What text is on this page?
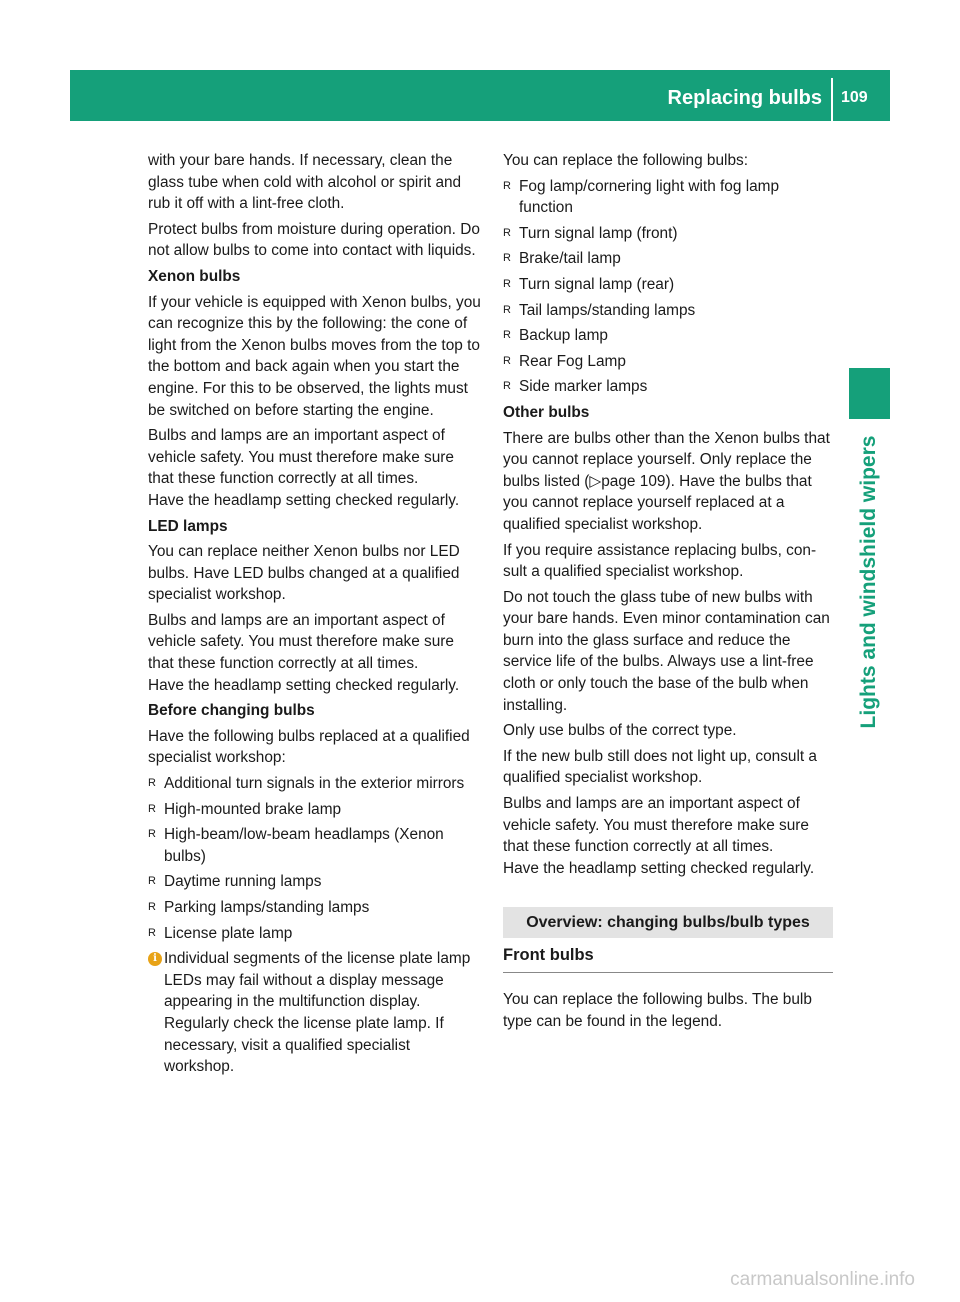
Replacing bulbs 109
Lights and windshield wipers

with your bare hands. If necessary, clean the glass tube when cold with alcohol or spirit and rub it off with a lint-free cloth.

Protect bulbs from moisture during operation. Do not allow bulbs to come into contact with liquids.

Xenon bulbs

If your vehicle is equipped with Xenon bulbs, you can recognize this by the following: the cone of light from the Xenon bulbs moves from the top to the bottom and back again when you start the engine. For this to be observed, the lights must be switched on before starting the engine.

Bulbs and lamps are an important aspect of vehicle safety. You must therefore make sure that these function correctly at all times.

Have the headlamp setting checked regularly.

LED lamps

You can replace neither Xenon bulbs nor LED bulbs. Have LED bulbs changed at a qualified specialist workshop.

Bulbs and lamps are an important aspect of vehicle safety. You must therefore make sure that these function correctly at all times.

Have the headlamp setting checked regularly.

Before changing bulbs

Have the following bulbs replaced at a qualified specialist workshop:

R Additional turn signals in the exterior mirrors
R High-mounted brake lamp
R High-beam/low-beam headlamps (Xenon bulbs)
R Daytime running lamps
R Parking lamps/standing lamps
R License plate lamp
i Individual segments of the license plate lamp LEDs may fail without a display message appearing in the multifunction display. Regularly check the license plate lamp. If necessary, visit a qualified specialist workshop.

You can replace the following bulbs:

R Fog lamp/cornering light with fog lamp function
R Turn signal lamp (front)
R Brake/tail lamp
R Turn signal lamp (rear)
R Tail lamps/standing lamps
R Backup lamp
R Rear Fog Lamp
R Side marker lamps
Other bulbs

There are bulbs other than the Xenon bulbs that you cannot replace yourself. Only replace the bulbs listed (▷page 109). Have the bulbs that you cannot replace yourself replaced at a qualified specialist workshop.

If you require assistance replacing bulbs, consult a qualified specialist workshop.

Do not touch the glass tube of new bulbs with your bare hands. Even minor contamination can burn into the glass surface and reduce the service life of the bulbs. Always use a lint-free cloth or only touch the base of the bulb when installing.

Only use bulbs of the correct type.

If the new bulb still does not light up, consult a qualified specialist workshop.

Bulbs and lamps are an important aspect of vehicle safety. You must therefore make sure that these function correctly at all times.

Have the headlamp setting checked regularly.

Overview: changing bulbs/bulb types
Front bulbs

You can replace the following bulbs. The bulb type can be found in the legend.

carmanualsonline.info
